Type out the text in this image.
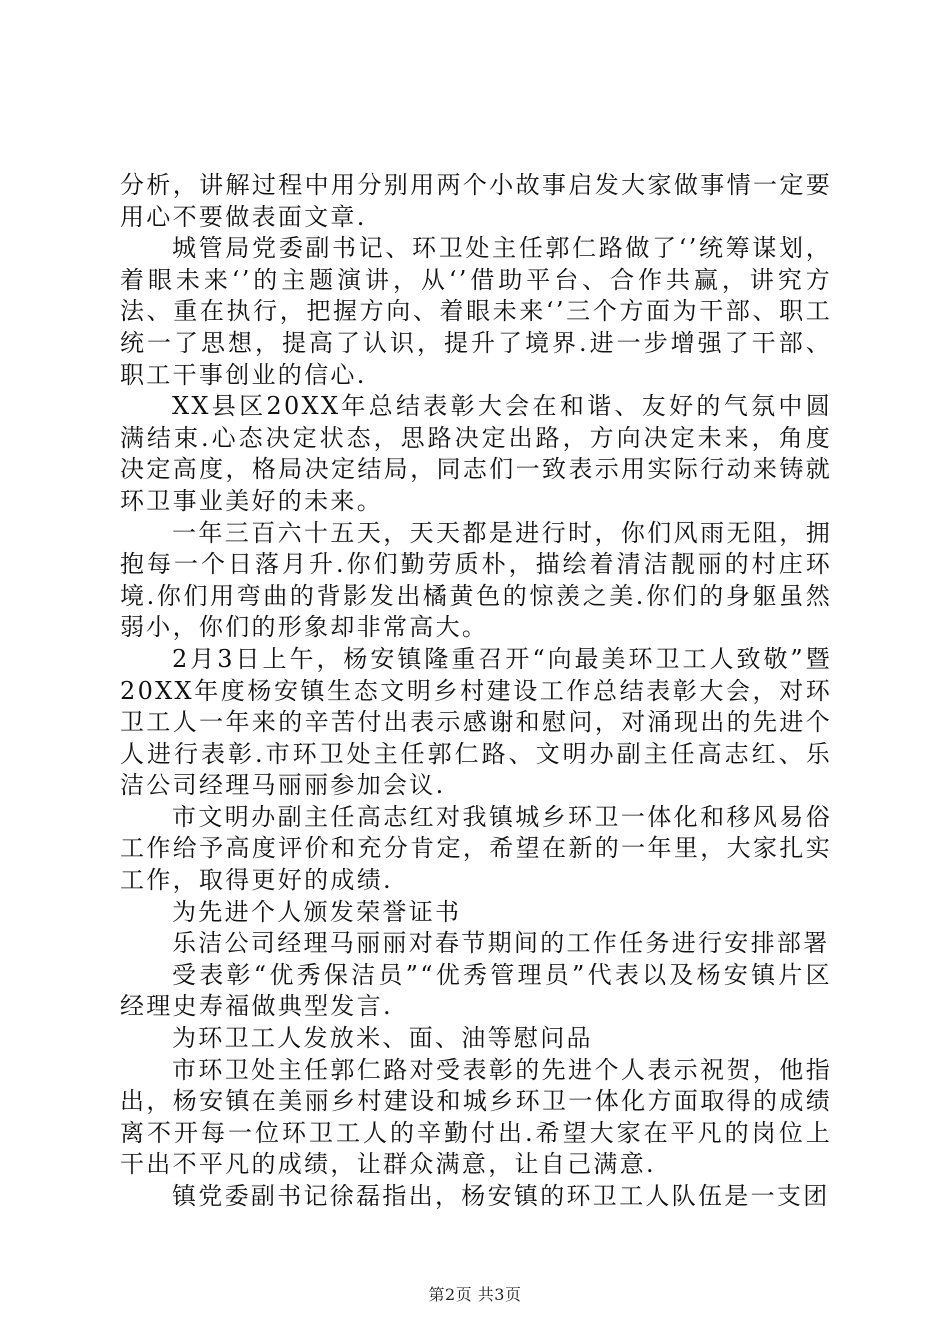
分析，讲解过程中用分别用两个小故事启发大家做事情一定要用心不要做表面文章.

城管局党委副书记、环卫处主任郭仁路做了‘’统筹谋划，着眼未来‘’的主题演讲，从‘’借助平台、合作共赢，讲究方法、重在执行，把握方向、着眼未来‘’三个方面为干部、职工统一了思想，提高了认识，提升了境界.进一步增强了干部、职工干事创业的信心.

XX县区20XX年总结表彰大会在和谐、友好的气氛中圆满结束.心态决定状态，思路决定出路，方向决定未来，角度决定高度，格局决定结局，同志们一致表示用实际行动来铸就环卫事业美好的未来。

一年三百六十五天，天天都是进行时，你们风雨无阻，拥抱每一个日落月升.你们勤劳质朴，描绘着清洁靓丽的村庄环境.你们用弯曲的背影发出橘黄色的惊羡之美.你们的身躯虽然弱小，你们的形象却非常高大。

2月3日上午，杨安镇隆重召开“向最美环卫工人致敬”暨20XX年度杨安镇生态文明乡村建设工作总结表彰大会，对环卫工人一年来的辛苦付出表示感谢和慰问，对涌现出的先进个人进行表彰.市环卫处主任郭仁路、文明办副主任高志红、乐洁公司经理马丽丽参加会议.

市文明办副主任高志红对我镇城乡环卫一体化和移风易俗工作给予高度评价和充分肯定，希望在新的一年里，大家扎实工作，取得更好的成绩.

为先进个人颁发荣誉证书

乐洁公司经理马丽丽对春节期间的工作任务进行安排部署

受表彰“优秀保洁员”“优秀管理员”代表以及杨安镇片区经理史寿福做典型发言.

为环卫工人发放米、面、油等慰问品

市环卫处主任郭仁路对受表彰的先进个人表示祝贺，他指出，杨安镇在美丽乡村建设和城乡环卫一体化方面取得的成绩离不开每一位环卫工人的辛勤付出.希望大家在平凡的岗位上干出不平凡的成绩，让群众满意，让自己满意.

镇党委副书记徐磊指出，杨安镇的环卫工人队伍是一支团

第2页 共3页
